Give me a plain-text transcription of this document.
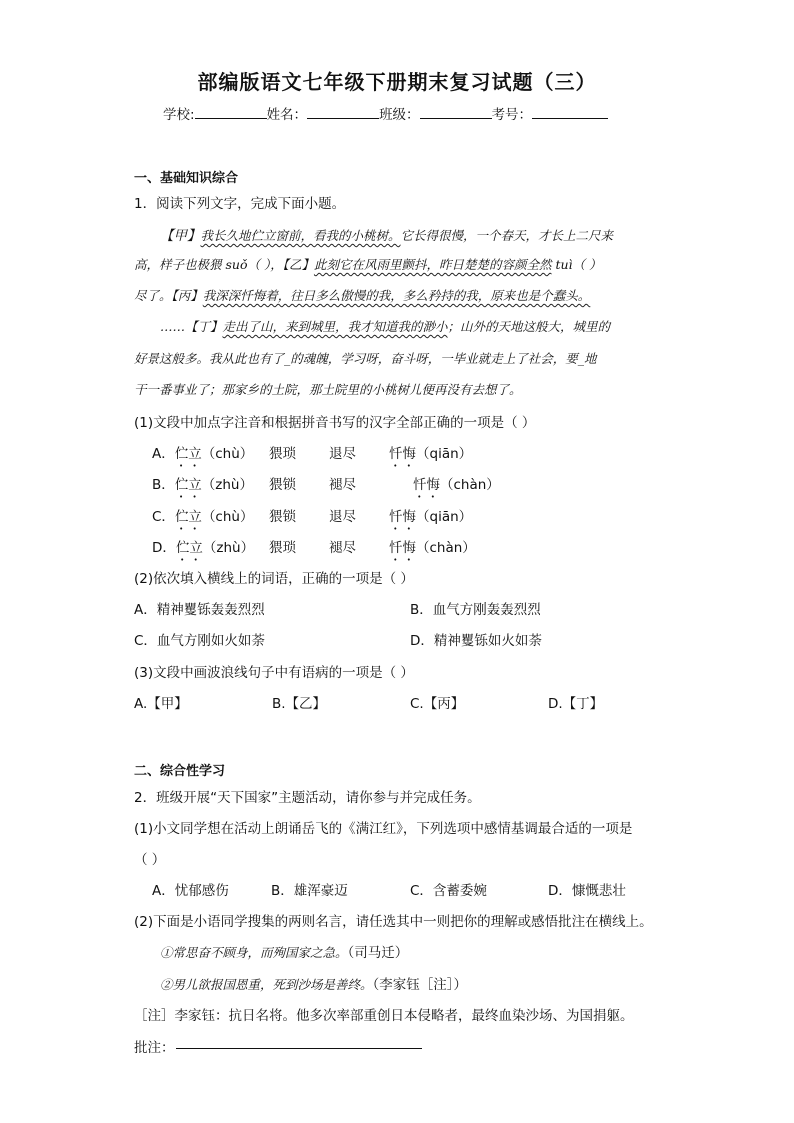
部编版语文七年级下册期末复习试题（三）
学校:	姓名：	班级：	考号：
一、基础知识综合
1．阅读下列文字，完成下面小题。
【甲】我长久地伫立窗前，看我的小桃树。它长得很慢，一个春天，才长上二尺来
高，样子也极猥 suǒ（ ），【乙】此刻它在风雨里颤抖，昨日楚楚的容颜全然 tuì（ ）
尽了。【丙】我深深忏悔着，往日多么傲慢的我，多么矜持的我，原来也是个蠢头。
……【丁】走出了山，来到城里，我才知道我的渺小；山外的天地这般大，城里的
好景这般多。我从此也有了_的魂魄，学习呀，奋斗呀，一毕业就走上了社会，要_地
干一番事业了；那家乡的土院，那土院里的小桃树儿便再没有去想了。
(1)文段中加点字注音和根据拼音书写的汉字全部正确的一项是（ ）
A．伫立（chù） 猥琐 退尽 忏悔（qiān）
B．伫立（zhù） 猥锁 褪尽	忏悔（chàn）
C．伫立（chù） 猥锁 退尽 忏悔（qiān）
D．伫立（zhù） 猥琐 褪尽 忏悔（chàn）
(2)依次填入横线上的词语，正确的一项是（ ）
A．精神矍铄轰轰烈烈	B．血气方刚轰轰烈烈
C．血气方刚如火如荼	D．精神矍铄如火如荼
(3)文段中画波浪线句子中有语病的一项是（ ）
A.【甲】	B.【乙】	C.【丙】	D.【丁】
二、综合性学习
2．班级开展“天下国家”主题活动，请你参与并完成任务。
(1)小文同学想在活动上朗诵岳飞的《满江红》，下列选项中感情基调最合适的一项是
（ ）
A．忧郁感伤	B．雄浑豪迈	C．含蓄委婉	D．慷慨悲壮
(2)下面是小语同学搜集的两则名言，请任选其中一则把你的理解或感悟批注在横线上。
①常思奋不顾身，而殉国家之急。（司马迁）
②男儿欲报国恩重，死到沙场是善终。（李家钰［注］）
［注］李家钰：抗日名将。他多次率部重创日本侵略者，最终血染沙场、为国捐躯。
批注：
